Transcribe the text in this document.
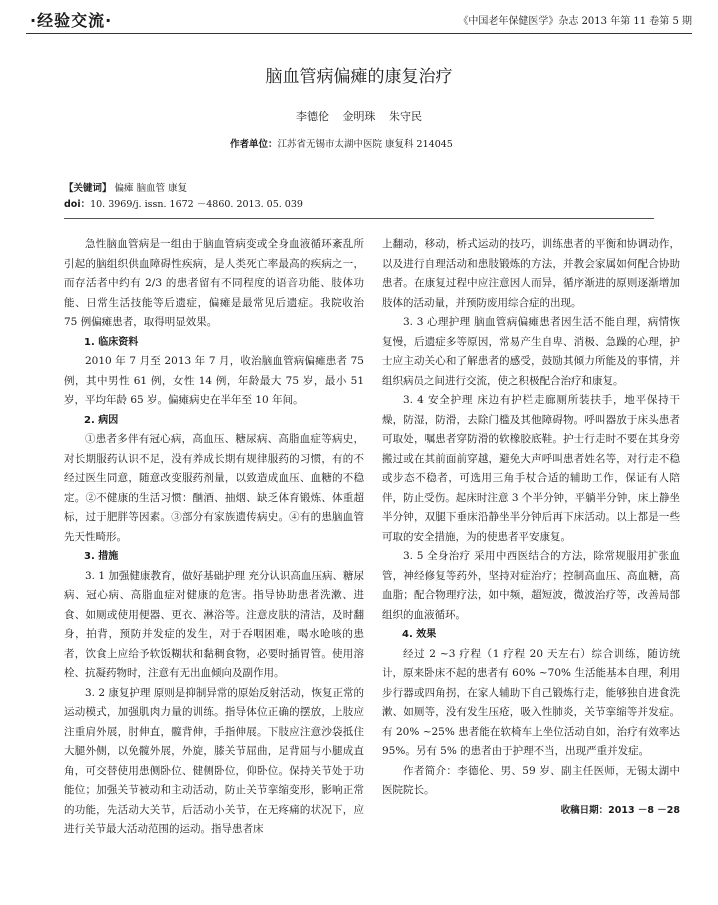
·经验交流·	《中国老年保健医学》杂志 2013 年第 11 卷第 5 期
脑血管病偏瘫的康复治疗
李德伦 金明珠 朱守民
作者单位：江苏省无锡市太湖中医院 康复科 214045
【关键词】 偏瘫 脑血管 康复
doi：10. 3969/j. issn. 1672 －4860. 2013. 05. 039

急性脑血管病是一组由于脑血管病变或全身血液循环紊乱所引起的脑组织供血障碍性疾病，是人类死亡率最高的疾病之一，而存活者中约有 2/3 的患者留有不同程度的语音功能、肢体功能、日常生活技能等后遗症，偏瘫是最常见后遗症。我院收治 75 例偏瘫患者，取得明显效果。

1. 临床资料

2010 年 7 月至 2013 年 7 月，收治脑血管病偏瘫患者 75 例，其中男性 61 例，女性 14 例，年龄最大 75 岁，最小 51 岁，平均年龄 65 岁。偏瘫病史在半年至 10 年间。

2. 病因

①患者多伴有冠心病，高血压、糖尿病、高脂血症等病史，对长期服药认识不足，没有养成长期有规律服药的习惯，有的不经过医生同意，随意改变服药剂量，以致造成血压、血糖的不稳定。②不健康的生活习惯：酗酒、抽烟、缺乏体育锻炼、体重超标，过于肥胖等因素。③部分有家族遗传病史。④有的患脑血管先天性畸形。

3. 措施

3. 1 加强健康教育，做好基础护理 充分认识高血压病、糖尿病、冠心病、高脂血症对健康的危害。指导协助患者洗漱、进食、如厕或使用便器、更衣、淋浴等。注意皮肤的清洁，及时翻身，拍背，预防并发症的发生，对于吞咽困难，喝水呛咳的患者，饮食上应给予软饭糊状和黏稠食物，必要时插胃管。使用溶栓、抗凝药物时，注意有无出血倾向及副作用。

3. 2 康复护理 原则是抑制异常的原始反射活动，恢复正常的运动模式，加强肌肉力量的训练。指导体位正确的摆放，上肢应注重肩外展，肘伸直，髋背伸，手指伸展。下肢应注意沙袋抵住大腿外侧，以免髋外展，外旋，膝关节屈曲，足背屈与小腿成直角，可交替使用患侧卧位、健侧卧位，仰卧位。保持关节处于功能位；加强关节被动和主动活动，防止关节挛缩变形，影响正常的功能，先活动大关节，后活动小关节，在无疼痛的状况下，应进行关节最大活动范围的运动。指导患者床

上翻动，移动，桥式运动的技巧，训练患者的平衡和协调动作，以及进行自理活动和患肢锻炼的方法，并教会家属如何配合协助患者。在康复过程中应注意因人而异，循序渐进的原则逐渐增加肢体的活动量，并预防废用综合症的出现。

3. 3 心理护理 脑血管病偏瘫患者因生活不能自理，病情恢复慢，后遗症多等原因，常易产生自卑、消极、急躁的心理，护士应主动关心和了解患者的感受，鼓励其倾力所能及的事情，并组织病员之间进行交流，使之积极配合治疗和康复。

3. 4 安全护理 床边有护栏走廊厕所装扶手，地平保持干燥，防湿，防滑，去除门槛及其他障碍物。呼叫器放于床头患者可取处，嘱患者穿防滑的软橡胶底鞋。护士行走时不要在其身旁搬过或在其前面前穿越，避免大声呼叫患者姓名等，对行走不稳或步态不稳者，可选用三角手杖合适的辅助工作，保证有人陪伴，防止受伤。起床时注意 3 个半分钟，平躺半分钟，床上静坐半分钟，双腿下垂床沿静坐半分钟后再下床活动。以上都是一些可取的安全措施，为的使患者平安康复。

3. 5 全身治疗 采用中西医结合的方法，除常规服用扩张血管，神经修复等药外，坚持对症治疗；控制高血压、高血糖，高血脂；配合物理疗法，如中频，超短波，微波治疗等，改善局部组织的血液循环。

4. 效果

经过 2 ~3 疗程（1 疗程 20 天左右）综合训练，随访统计，原来卧床不起的患者有 60% ~70% 生活能基本自理，利用步行器或四角拐，在家人辅助下自己锻炼行走，能够独自进食洗漱、如厕等，没有发生压疮，吸入性肺炎，关节挛缩等并发症。有 20% ~25% 患者能在软椅车上坐位活动自如，治疗有效率达 95%。另有 5% 的患者由于护理不当，出现严重并发症。

作者简介：李德伦、男、59 岁、副主任医师，无锡太湖中医院院长。

收稿日期：2013 －8 －28
